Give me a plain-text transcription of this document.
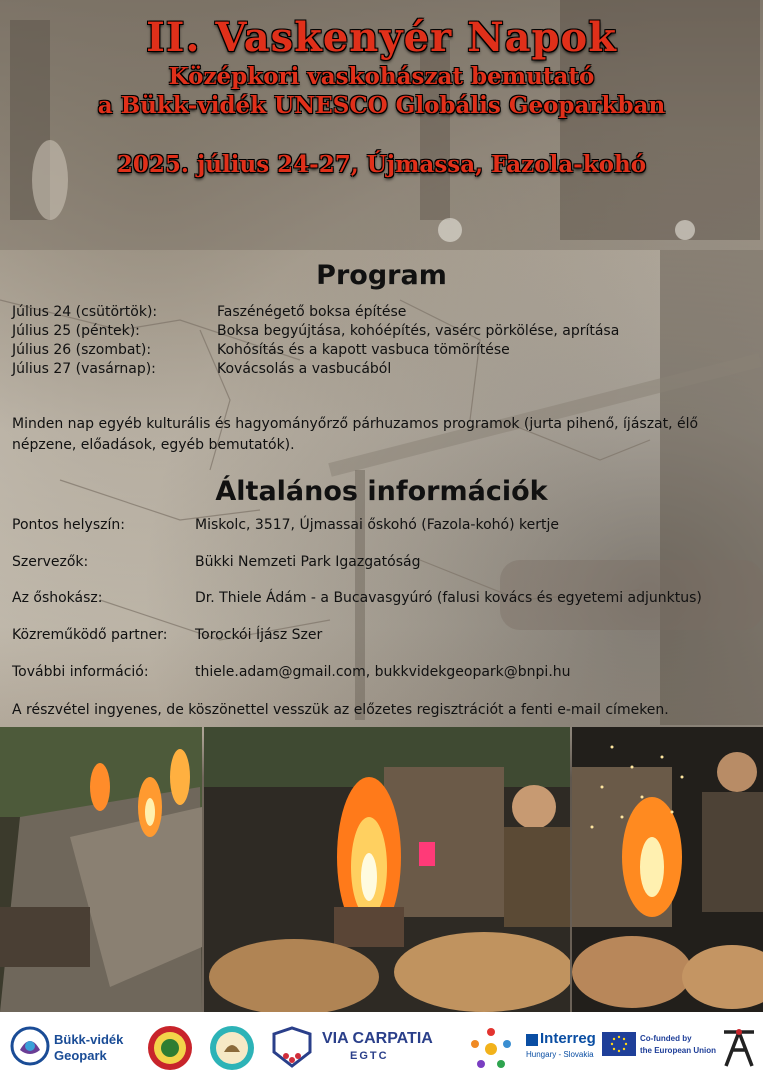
II. Vaskenyér Napok
Középkori vaskohászat bemutató
a Bükk-vidék UNESCO Globális Geoparkban
2025. július 24-27, Újmassa, Fazola-kohó
Program
Július 24 (csütörtök):	Faszénégető boksa építése
Július 25 (péntek):	Boksa begyújtása, kohóépítés, vasérc pörkölése, aprítása
Július 26 (szombat):	Kohósítás és a kapott vasbuca tömörítése
Július 27 (vasárnap):	Kovácsolás a vasbucából
Minden nap egyéb kulturális és hagyományőrző párhuzamos programok (jurta pihenő, íjászat, élő népzene, előadások, egyéb bemutatók).
Általános információk
Pontos helyszín:	Miskolc, 3517, Újmassai őskohó (Fazola-kohó) kertje
Szervezők:	Bükki Nemzeti Park Igazgatóság
Az őshokász:	Dr. Thiele Ádám - a Bucavasgyúró (falusi kovács és egyetemi adjunktus)
Közreműködő partner: Torockói Íjász Szer
További információ:	thiele.adam@gmail.com, bukkvidekgeopark@bnpi.hu
A részvétel ingyenes, de köszönettel vesszük az előzetes regisztrációt a fenti e-mail címeken.
Bükk-vidék
Geopark
VIA CARPATIA
EGTC
Interreg
Hungary - Slovakia
Co-funded by
the European Union
